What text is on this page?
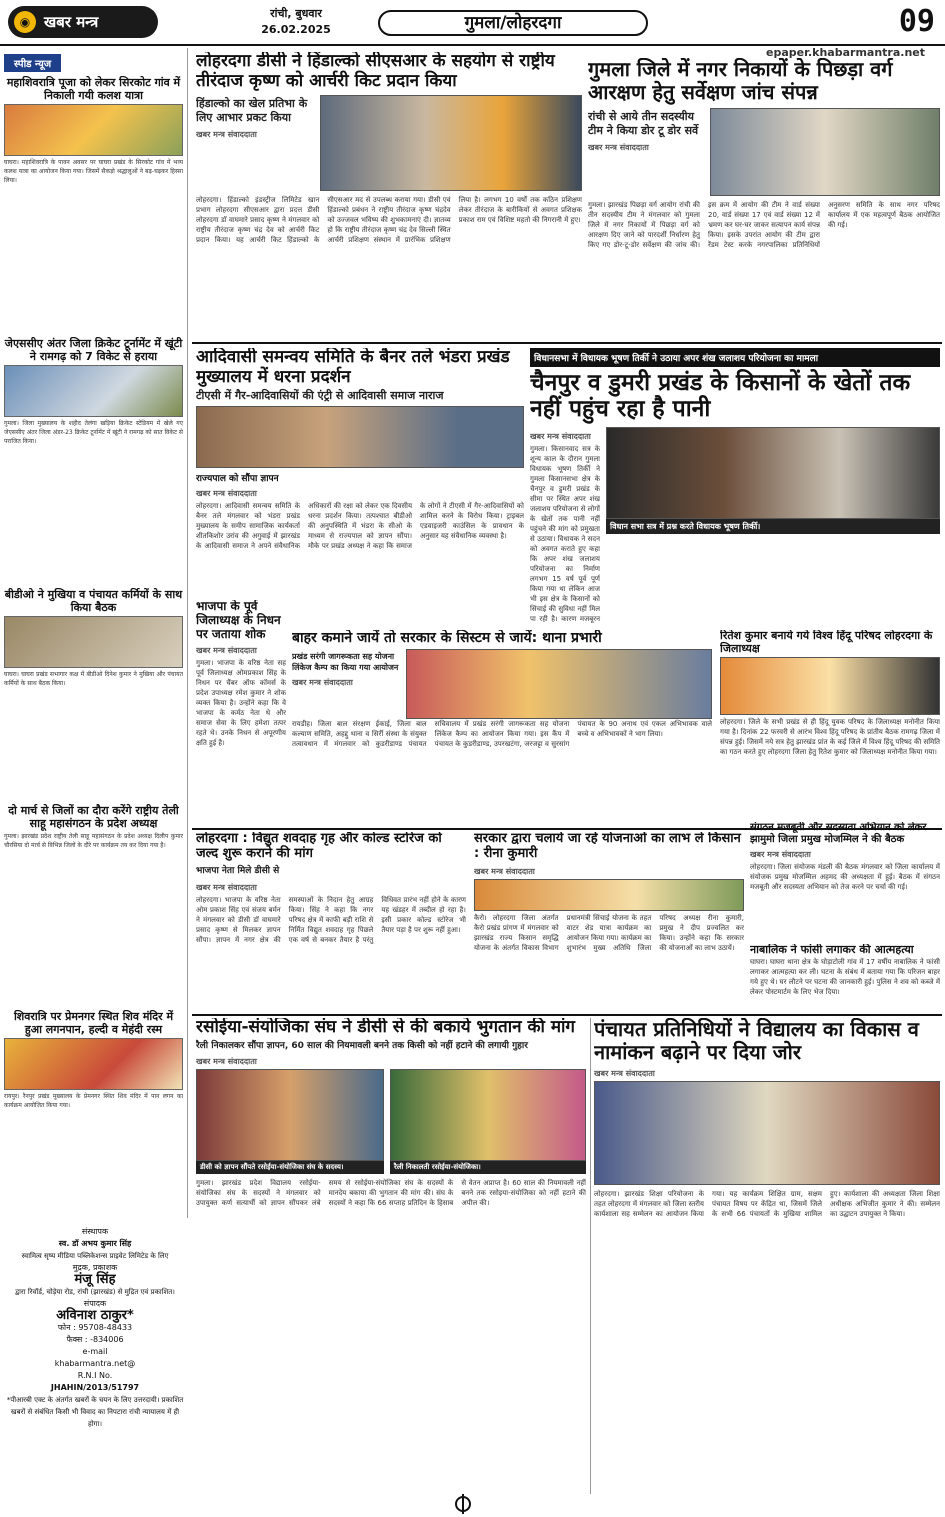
◉ खबर मन्त्र	रांची, बुधवार
26.02.2025	गुमला/लोहरदगा	09
epaper.khabarmantra.net
स्पीड न्यूज
महाशिवरात्रि पूजा को लेकर सिरकोट गांव में निकाली गयी कलश यात्रा

घाघरा। महाशिवरात्रि के पावन अवसर पर घाघरा प्रखंड के सिरकोट गांव में भव्य कलश यात्रा का आयोजन किया गया। जिसमें सैकड़ो श्रद्धालुओं ने बढ़-चढ़कर हिस्सा लिया।

जेएससीए अंतर जिला क्रिकेट टूर्नामेंट में खूंटी ने रामगढ़ को 7 विकेट से हराया

गुमला। जिला मुख्यालय के शहीद तेलंगा खड़िया क्रिकेट स्टेडियम में खेले गए जेएससीए अंतर जिला अंडर-23 क्रिकेट टूर्नामेंट में खूंटी ने रामगढ़ को सात विकेट से पराजित किया।

बीडीओ ने मुखिया व पंचायत कर्मियों के साथ किया बैठक

घाघरा। घाघरा प्रखंड सभागार कक्ष में बीडीओ दिनेश कुमार ने मुखिया और पंचायत कर्मियों के साथ बैठक किया।

दो मार्च से जिलों का दौरा करेंगे राष्ट्रीय तेली साहू महासंगठन के प्रदेश अध्यक्ष

गुमला। झारखंड प्रदेश राष्ट्रीय तेली साहू महासंगठन के प्रदेश अध्यक्ष दिलीप कुमार चौरसिया दो मार्च से विभिन्न जिलों के दौरे पर कार्यक्रम तय कर दिया गया है।

शिवरात्रि पर प्रेमनगर स्थित शिव मंदिर में हुआ लगनपान, हल्दी व मेहंदी रस्म

रायपुर। रैनपुर प्रखंड मुख्यालय के प्रेमनगर स्थित शिव मंदिर में पान लगन का कार्यक्रम आयोजित किया गया।

संस्थापक
स्व. डॉ अभय कुमार सिंह
स्वामित्व सृष्य मीडिया पब्लिकेशन्स प्राइवेट लिमिटेड के लिए
मुद्रक, प्रकाशक
मंजू सिंह
द्वारा रिवॉर्ड, चोड़ेया रोड, रांची (झारखंड) से मुद्रित एवं प्रकाशित।
संपादक
अविनाश ठाकुर*
फोन : 95708-48433
फैक्स : -834006
e-mail
khabarmantra.net@
R.N.I No.
JHAHIN/2013/51797
*पीआरबी एक्ट के अंतर्गत खबरों के चयन के लिए उत्तरदायी। प्रकाशित खबरों से संबंधित किसी भी विवाद का निपटारा रांची न्यायालय में ही होगा।
लोहरदगा डीसी ने हिंडाल्को सीएसआर के सहयोग से राष्ट्रीय तीरंदाज कृष्ण को आर्चरी किट प्रदान किया
हिंडाल्को का खेल प्रतिभा के लिए आभार प्रकट किया
खबर मन्त्र संवाददाता
लोहरदगा। हिंडाल्को इंडस्ट्रीज लिमिटेड खान प्रभाग लोहरदगा सीएसआर द्वारा प्रदत्त डीसी लोहरदगा डॉ वाघमारे प्रसाद कृष्ण ने मंगलवार को राष्ट्रीय तीरंदाज कृष्ण चंद्र देव को आर्चरी किट प्रदान किया। यह आर्चरी किट हिंडाल्को के सीएसआर मद से उपलब्ध कराया गया। डीसी एवं हिंडाल्को प्रबंधन ने राष्ट्रीय तीरंदाज कृष्ण चंद्रदेव को उज्जवल भविष्य की शुभकामनाएं दी। ज्ञातव्य हो कि राष्ट्रीय तीरंदाज कृष्ण चंद्र देव सिल्ली स्थित आर्चरी प्रशिक्षण संस्थान में प्रारंभिक प्रशिक्षण लिया है। लगभग 10 वर्षों तक कठिन प्रशिक्षण लेकर तीरंदाज के बारीकियों से अवगत प्रशिक्षक प्रकाश राम एवं विशिष्ट महतो की निगरानी में हुए।
गुमला जिले में नगर निकायों के पिछड़ा वर्ग आरक्षण हेतु सर्वेक्षण जांच संपन्न
रांची से आये तीन सदस्यीय टीम ने किया डोर टू डोर सर्वे
खबर मन्त्र संवाददाता
गुमला। झारखंड पिछड़ा वर्ग आयोग रांची की तीन सदस्यीय टीम ने मंगलवार को गुमला जिले में नगर निकायों में पिछड़ा वर्ग को आरक्षण दिए जाने को पारदर्शी निर्धारण हेतु किए गए डोर-टू-डोर सर्वेक्षण की जांच की। इस क्रम में आयोग की टीम ने वार्ड संख्या 20, वार्ड संख्या 17 एवं वार्ड संख्या 12 में भ्रमण कर घर-घर जाकर सत्यापन कार्य संपन्न किया। इसके उपरांत आयोग की टीम द्वारा रेंडम टेस्ट करके नगरपालिका प्रतिनिधियों अनुसरण समिति के साथ नगर परिषद कार्यालय में एक महत्वपूर्ण बैठक आयोजित की गई।
आदिवासी समन्वय समिति के बैनर तले भंडरा प्रखंड मुख्यालय में धरना प्रदर्शन
टीएसी में गैर-आदिवासियों की एंट्री से आदिवासी समाज नाराज
राज्यपाल को सौंपा ज्ञापन
खबर मन्त्र संवाददाता
लोहरदगा। आदिवासी समन्वय समिति के बैनर तले मंगलवार को भंडरा प्रखंड मुख्यालय के समीप सामाजिक कार्यकर्ता शीतकिशोर उरांव की अगुवाई में झारखंड के आदिवासी समाज ने अपने संवैधानिक अधिकारों की रक्षा को लेकर एक दिवसीय धरना प्रदर्शन किया। तत्पश्चात बीडीओ की अनुपस्थिति में भंडरा के सीओ के माध्यम से राज्यपाल को ज्ञापन सौंपा। मौके पर प्रखंड अध्यक्ष ने कहा कि समाज के लोगों ने टीएसी में गैर-आदिवासियों को शामिल करने के विरोध किया। ट्राइबल एडवाइजरी काउंसिल के प्रावधान के अनुसार यह संवैधानिक व्यवस्था है।
विधानसभा में विधायक भूषण तिर्की ने उठाया अपर शंख जलाशय परियोजना का मामला
चैनपुर व डुमरी प्रखंड के किसानों के खेतों तक नहीं पहुंच रहा है पानी
खबर मन्त्र संवाददाता
गुमला। किसानवाद सत्र के शून्य काल के दौरान गुमला विधायक भूषण तिर्की ने गुमला किसानसभा क्षेत्र के चैनपुर व डुमरी प्रखंड के सीमा पर स्थित अपर शंख जलाशय परियोजना से लोगों के खेतों तक पानी नहीं पहुंचने की मांग को प्रमुखता से उठाया। विधायक ने सदन को अवगत कराते हुए कहा कि अपर शंख जलाशय परियोजना का निर्माण लगभग 15 वर्ष पूर्व पूर्ण किया गया था लेकिन आज भी इस क्षेत्र के किसानों को सिंचाई की सुविधा नहीं मिल पा रही है। कारण मजबूरन
विधान सभा सत्र में प्रश्न करते विधायक भूषण तिर्की।
भाजपा के पूर्व जिलाध्यक्ष के निधन पर जताया शोक
खबर मन्त्र संवाददाता
गुमला। भाजपा के वरिष्ठ नेता सह पूर्व जिलाध्यक्ष ओमप्रकाश सिंह के निधन पर चैंबर ऑफ कॉमर्स के प्रदेश उपाध्यक्ष रमेश कुमार ने शोक व्यक्त किया है। उन्होंने कहा कि वे भाजपा के कर्मठ नेता थे और समाज सेवा के लिए हमेशा तत्पर रहते थे। उनके निधन से अपूरणीय क्षति हुई है।
बाहर कमाने जायें तो सरकार के सिस्टम से जायें: थाना प्रभारी
प्रखंड सरंगी जागरूकता सह योजना लिंकेज कैम्प का किया गया आयोजन
खबर मन्त्र संवाददाता
रायडीह। जिला बाल संरक्षण ईकाई, जिला बाल कल्याण समिति, अहद्दु थाना व सिर्री संस्था के संयुक्त तत्वावधान में मंगलवार को कुडरीडाण्ड पंचायत सचिवालय में प्रखंड सरंगी जागरूकता सह योजना लिंकेज कैम्प का आयोजन किया गया। इस कैंप में पंचायत के कुडरीडाण्ड, उपरखटंगा, जरजट्टा व सुरसांग पंचायत के 90 अनाथ एवं एकल अभिभावक वाले बच्चे व अभिभावकों ने भाग लिया।
रितेश कुमार बनाये गये विश्व हिंदू परिषद लोहरदगा के जिलाध्यक्ष
लोहरदगा। जिले के सभी प्रखंड से ही हिंदू युवक परिषद के जिलाध्यक्ष मनोनीत किया गया है। दिनांक 22 फरवरी से आरंभ विश्व हिंदू परिषद के प्रांतीय बैठक रामगढ़ जिला में संपन्न हुई। जिसमें नये सत्र हेतु झारखंड प्रांत के कई जिले में विश्व हिंदू परिषद की समिति का गठन करते हुए लोहरदगा जिला हेतु रितेश कुमार को जिलाध्यक्ष मनोनीत किया गया।
लोहरदगा : विद्युत शवदाह गृह और कोल्ड स्टोरेज को जल्द शुरू कराने की मांग
भाजपा नेता मिले डीसी से
खबर मन्त्र संवाददाता
लोहरदगा। भाजपा के वरिष्ठ नेता ओम प्रकाश सिंह एवं संजय बर्मन ने मंगलवार को डीसी डॉ वाघमारे प्रसाद कृष्ण से मिलकर ज्ञापन सौंपा। ज्ञापन में नगर क्षेत्र की समस्याओं के निदान हेतु आग्रह किया। सिंह ने कहा कि नगर परिषद क्षेत्र में काफी बड़ी राशि से निर्मित विद्युत शवदाह गृह पिछले एक वर्ष से बनकर तैयार है परंतु विधिवत प्रारंभ नहीं होने के कारण यह खंडहर में तब्दील हो रहा है। इसी प्रकार कोल्ड स्टोरेज भी तैयार पड़ा है पर शुरू नहीं हुआ।
सरकार द्वारा चलाये जा रहे योजनाओं का लाभ ले किसान : रीना कुमारी
खबर मन्त्र संवाददाता
कैरो। लोहरदगा जिला अंतर्गत कैरो प्रखंड प्रांगण में मंगलवार को झारखंड राज्य किसान समृद्धि योजना के अंतर्गत विकास विभाग प्रधानमंत्री सिंचाई योजना के तहत वाटर शेड यात्रा कार्यक्रम का आयोजन किया गया। कार्यक्रम का शुभारंभ मुख्य अतिथि जिला परिषद अध्यक्ष रीना कुमारी, प्रमुख ने दीप प्रज्वलित कर किया। उन्होंने कहा कि सरकार की योजनाओं का लाभ उठायें।
संगठन मजबूती और सदस्यता अभियान को लेकर झामुमो जिला प्रमुख मोजम्मिल ने की बैठक
खबर मन्त्र संवाददाता
लोहरदगा। जिला संयोजक मंडली की बैठक मंगलवार को जिला कार्यालय में संयोजक प्रमुख मोजम्मिल अहमद की अध्यक्षता में हुई। बैठक में संगठन मजबूती और सदस्यता अभियान को तेज करने पर चर्चा की गई।
नाबालिक ने फांसी लगाकर की आत्महत्या
घाघरा। घाघरा थाना क्षेत्र के घोड़ाटोली गांव में 17 वर्षीय नाबालिक ने फांसी लगाकर आत्महत्या कर ली। घटना के संबंध में बताया गया कि परिजन बाहर गये हुए थे। घर लौटने पर घटना की जानकारी हुई। पुलिस ने शव को कब्जे में लेकर पोस्टमार्टम के लिए भेज दिया।
रसोईया-संयोजिका संघ ने डीसी से की बकाये भुगतान की मांग
रैली निकालकर सौंपा ज्ञापन, 60 साल की नियमावली बनने तक किसी को नहीं हटाने की लगायी गुहार
खबर मन्त्र संवाददाता
डीसी को ज्ञापन सौंपते रसोईया-संयोजिका संघ के सदस्य।	रैली निकालती रसोईया-संयोजिका।
गुमला। झारखंड प्रदेश विद्यालय रसोईया-संयोजिका संघ के सदस्यों ने मंगलवार को उपायुक्त कर्ण सत्यार्थी को ज्ञापन सौंपकर लंबे समय से रसोईया-संयोजिका संघ के सदस्यों के मानदेय बकाया की भुगतान की मांग की। संघ के सदस्यों ने कहा कि 66 सप्ताह प्रतिदिन के हिसाब से वेतन अप्राप्त है। 60 साल की नियमावली नहीं बनने तक रसोइया-संयोजिका को नहीं हटाने की अपील की।
पंचायत प्रतिनिधियों ने विद्यालय का विकास व नामांकन बढ़ाने पर दिया जोर
खबर मन्त्र संवाददाता
लोहरदगा। झारखंड शिक्षा परियोजना के तहत लोहरदगा में मंगलवार को जिला स्तरीय कार्यशाला सह सम्मेलन का आयोजन किया गया। यह कार्यक्रम शिक्षित ग्राम, सक्षम पंचायत विषय पर केंद्रित था, जिसमें जिले के सभी 66 पंचायतों के मुखिया शामिल हुए। कार्यशाला की अध्यक्षता जिला शिक्षा अधीक्षक अभिजीत कुमार ने की। सम्मेलन का उद्घाटन उपायुक्त ने किया।
